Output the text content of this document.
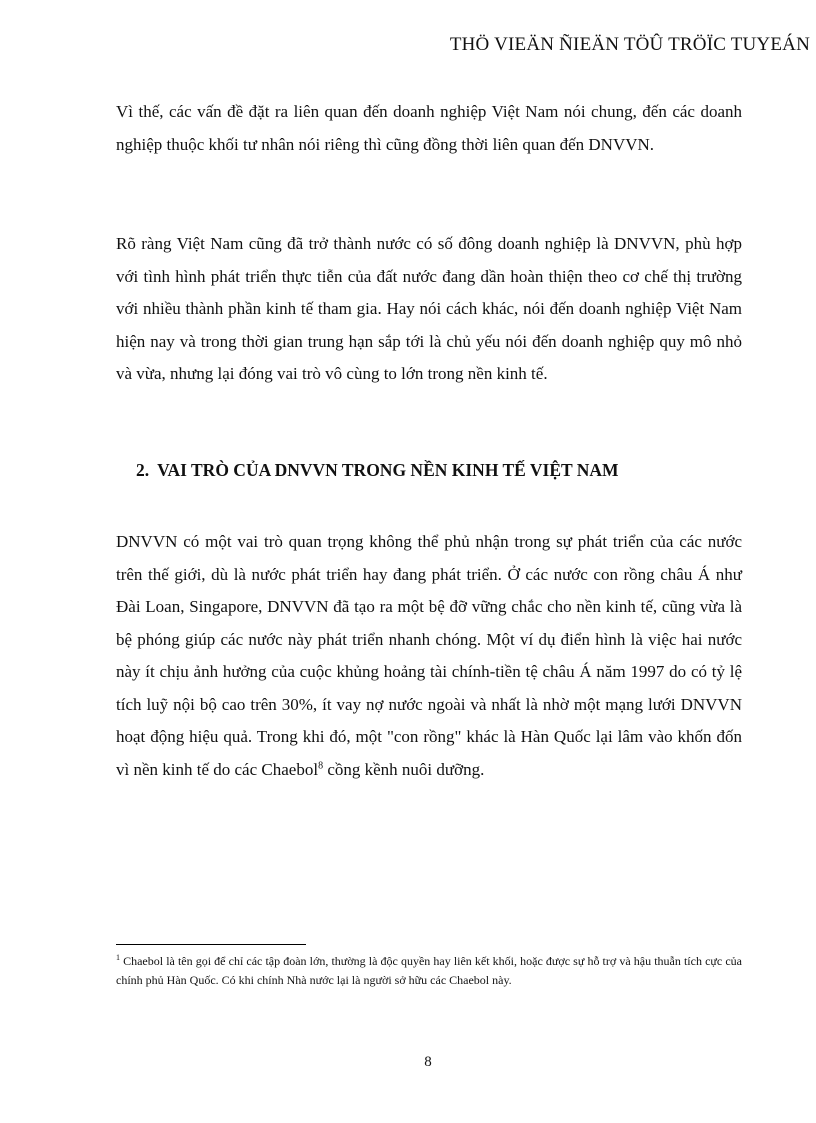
THÖ VIEÄN ÑIEÄN TÖÛ TRÖÏC TUYEÁN

Vì thế, các vấn đề đặt ra liên quan đến doanh nghiệp Việt Nam nói chung, đến các doanh nghiệp thuộc khối tư nhân nói riêng thì cũng đồng thời liên quan đến DNVVN.

Rõ ràng Việt Nam cũng đã trở thành nước có số đông doanh nghiệp là DNVVN, phù hợp với tình hình phát triển thực tiễn của đất nước đang dần hoàn thiện theo cơ chế thị trường với nhiều thành phần kinh tế tham gia. Hay nói cách khác, nói đến doanh nghiệp Việt Nam hiện nay và trong thời gian trung hạn sắp tới là chủ yếu nói đến doanh nghiệp quy mô nhỏ và vừa, nhưng lại đóng vai trò vô cùng to lớn trong nền kinh tế.

2. VAI TRÒ CỦA DNVVN TRONG NỀN KINH TẾ VIỆT NAM

DNVVN có một vai trò quan trọng không thể phủ nhận trong sự phát triển của các nước trên thế giới, dù là nước phát triển hay đang phát triển. Ở các nước con rồng châu Á như Đài Loan, Singapore, DNVVN đã tạo ra một bệ đỡ vững chắc cho nền kinh tế, cũng vừa là bệ phóng giúp các nước này phát triển nhanh chóng. Một ví dụ điển hình là việc hai nước này ít chịu ảnh hưởng của cuộc khủng hoảng tài chính-tiền tệ châu Á năm 1997 do có tỷ lệ tích luỹ nội bộ cao trên 30%, ít vay nợ nước ngoài và nhất là nhờ một mạng lưới DNVVN hoạt động hiệu quả. Trong khi đó, một "con rồng" khác là Hàn Quốc lại lâm vào khốn đốn vì nền kinh tế do các Chaebol$^8$ cồng kềnh nuôi dưỡng.

$^1$ Chaebol là tên gọi để chỉ các tập đoàn lớn, thường là độc quyền hay liên kết khối, hoặc được sự hỗ trợ và hậu thuẫn tích cực của chính phủ Hàn Quốc. Có khi chính Nhà nước lại là người sở hữu các Chaebol này.

8
